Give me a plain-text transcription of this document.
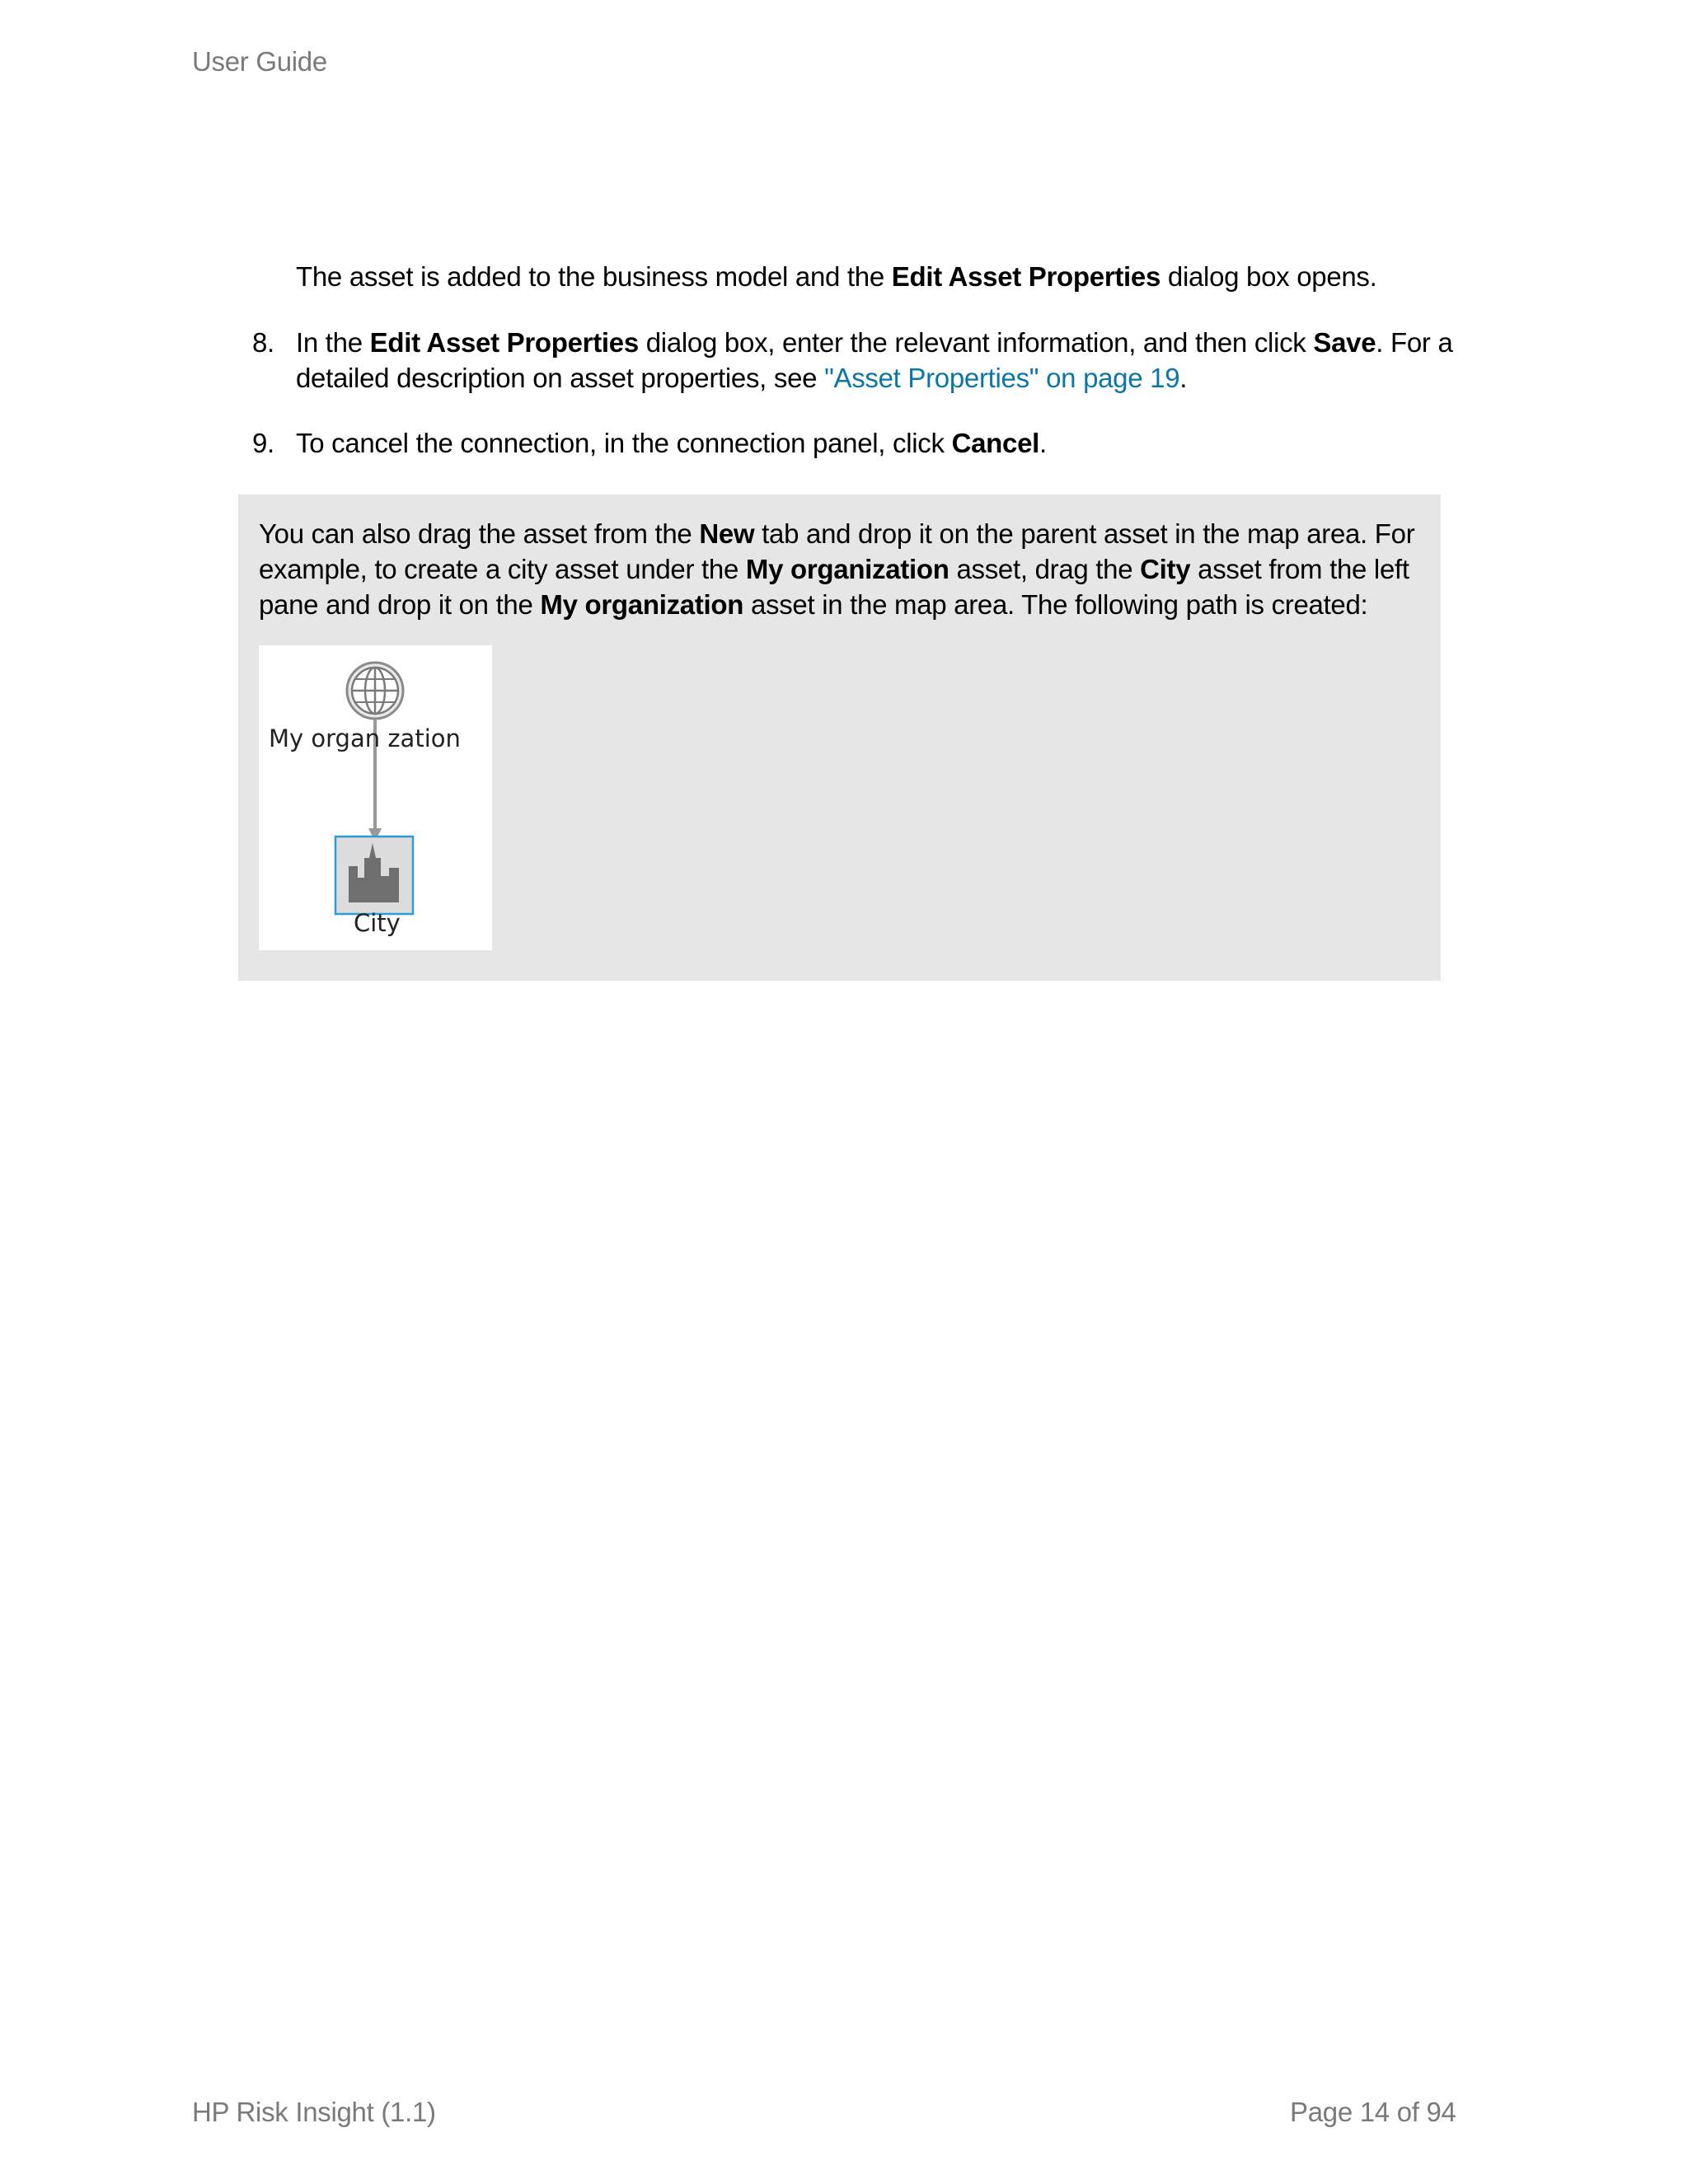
User Guide
The asset is added to the business model and the Edit Asset Properties dialog box opens.
8. In the Edit Asset Properties dialog box, enter the relevant information, and then click Save. For a
detailed description on asset properties, see "Asset Properties" on page 19.
9. To cancel the connection, in the connection panel, click Cancel.
You can also drag the asset from the New tab and drop it on the parent asset in the map area. For example, to create a city asset under the My organization asset, drag the City asset from the left pane and drop it on the My organization asset in the map area. The following path is created:
My organ zation
City
HP Risk Insight (1.1)	Page 14 of 94
